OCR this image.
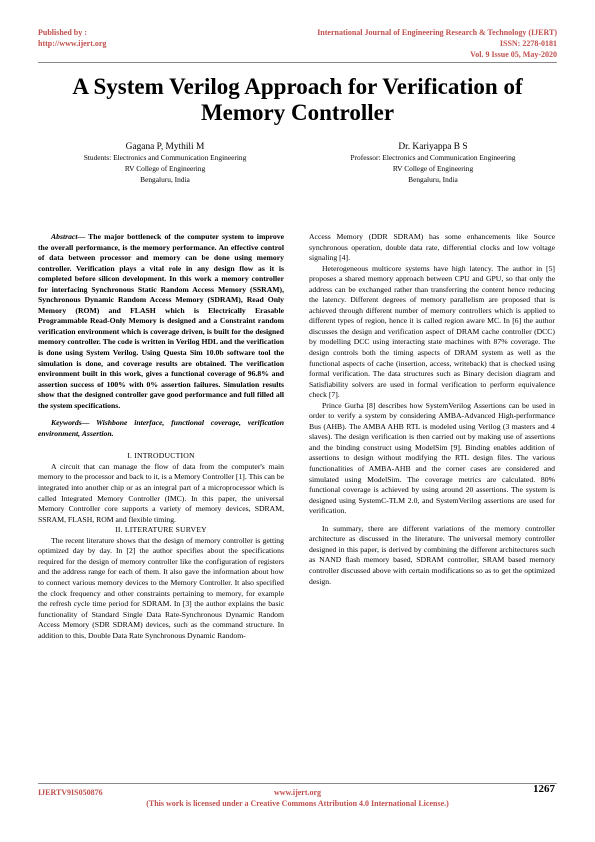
Published by :
http://www.ijert.org
International Journal of Engineering Research & Technology (IJERT)
ISSN: 2278-0181
Vol. 9 Issue 05, May-2020
A System Verilog Approach for Verification of Memory Controller
Gagana P, Mythili M
Students: Electronics and Communication Engineering
RV College of Engineering
Bengaluru, India
Dr. Kariyappa B S
Professor: Electronics and Communication Engineering
RV College of Engineering
Bengaluru, India

Abstract— The major bottleneck of the computer system to improve the overall performance, is the memory performance. An effective control of data between processor and memory can be done using memory controller. Verification plays a vital role in any design flow as it is completed before silicon development. In this work a memory controller for interfacing Synchronous Static Random Access Memory (SSRAM), Synchronous Dynamic Random Access Memory (SDRAM), Read Only Memory (ROM) and FLASH which is Electrically Erasable Programmable Read-Only Memory is designed and a Constraint random verification environment which is coverage driven, is built for the designed memory controller. The code is written in Verilog HDL and the verification is done using System Verilog. Using Questa Sim 10.0b software tool the simulation is done, and coverage results are obtained. The verification environment built in this work, gives a functional coverage of 96.8% and assertion success of 100% with 0% assertion failures. Simulation results show that the designed controller gave good performance and full filled all the system specifications.

Keywords— Wishbone interface, functional coverage, verification environment, Assertion.

I. INTRODUCTION

A circuit that can manage the flow of data from the computer's main memory to the processor and back to it, is a Memory Controller [1]. This can be integrated into another chip or as an integral part of a microprocessor which is called Integrated Memory Controller (IMC). In this paper, the universal Memory Controller core supports a variety of memory devices, SDRAM, SSRAM, FLASH, ROM and flexible timing.

II. LITERATURE SURVEY

The recent literature shows that the design of memory controller is getting optimized day by day. In [2] the author specifies about the specifications required for the design of memory controller like the configuration of registers and the address range for each of them. It also gave the information about how to connect various memory devices to the Memory Controller. It also specified the clock frequency and other constraints pertaining to memory, for example the refresh cycle time period for SDRAM. In [3] the author explains the basic functionality of Standard Single Data Rate-Synchronous Dynamic Random Access Memory (SDR SDRAM) devices, such as the command structure. In addition to this, Double Data Rate Synchronous Dynamic Random-

Access Memory (DDR SDRAM) has some enhancements like Source synchronous operation, double data rate, differential clocks and low voltage signaling [4].

Heterogeneous multicore systems have high latency. The author in [5] proposes a shared memory approach between CPU and GPU, so that only the address can be exchanged rather than transferring the content hence reducing the latency. Different degrees of memory parallelism are proposed that is achieved through different number of memory controllers which is applied to different types of region, hence it is called region aware MC. In [6] the author discusses the design and verification aspect of DRAM cache controller (DCC) by modelling DCC using interacting state machines with 87% coverage. The design controls both the timing aspects of DRAM system as well as the functional aspects of cache (insertion, access, writeback) that is checked using formal verification. The data structures such as Binary decision diagram and Satisfiability solvers are used in formal verification to perform equivalence check [7].

Prince Gurha [8] describes how SystemVerilog Assertions can be used in order to verify a system by considering AMBA-Advanced High-performance Bus (AHB). The AMBA AHB RTL is modeled using Verilog (3 masters and 4 slaves). The design verification is then carried out by making use of assertions and the binding construct using ModelSim [9]. Binding enables addition of assertions to design without modifying the RTL design files. The various functionalities of AMBA-AHB and the corner cases are considered and simulated using ModelSim. The coverage metrics are calculated. 80% functional coverage is achieved by using around 20 assertions. The system is designed using SystemC-TLM 2.0, and SystemVerilog assertions are used for verification.

In summary, there are different variations of the memory controller architecture as discussed in the literature. The universal memory controller designed in this paper, is derived by combining the different architectures such as NAND flash memory based, SDRAM controller, SRAM based memory controller discussed above with certain modifications so as to get the optimized design.

IJERTV9IS050876	www.ijert.org
(This work is licensed under a Creative Commons Attribution 4.0 International License.)
1267
